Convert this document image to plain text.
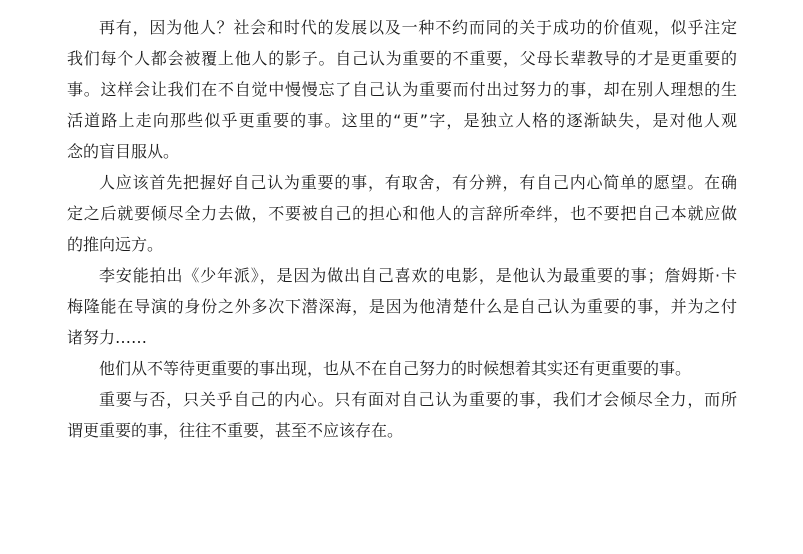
再有，因为他人？社会和时代的发展以及一种不约而同的关于成功的价值观，似乎注定
我们每个人都会被覆上他人的影子。自己认为重要的不重要，父母长辈教导的才是更重要的
事。这样会让我们在不自觉中慢慢忘了自己认为重要而付出过努力的事，却在别人理想的生
活道路上走向那些似乎更重要的事。这里的“更”字，是独立人格的逐渐缺失，是对他人观
念的盲目服从。
人应该首先把握好自己认为重要的事，有取舍，有分辨，有自己内心简单的愿望。在确
定之后就要倾尽全力去做，不要被自己的担心和他人的言辞所牵绊，也不要把自己本就应做
的推向远方。
李安能拍出《少年派》，是因为做出自己喜欢的电影，是他认为最重要的事；詹姆斯·卡
梅隆能在导演的身份之外多次下潜深海，是因为他清楚什么是自己认为重要的事，并为之付
诸努力……
他们从不等待更重要的事出现，也从不在自己努力的时候想着其实还有更重要的事。
重要与否，只关乎自己的内心。只有面对自己认为重要的事，我们才会倾尽全力，而所
谓更重要的事，往往不重要，甚至不应该存在。
